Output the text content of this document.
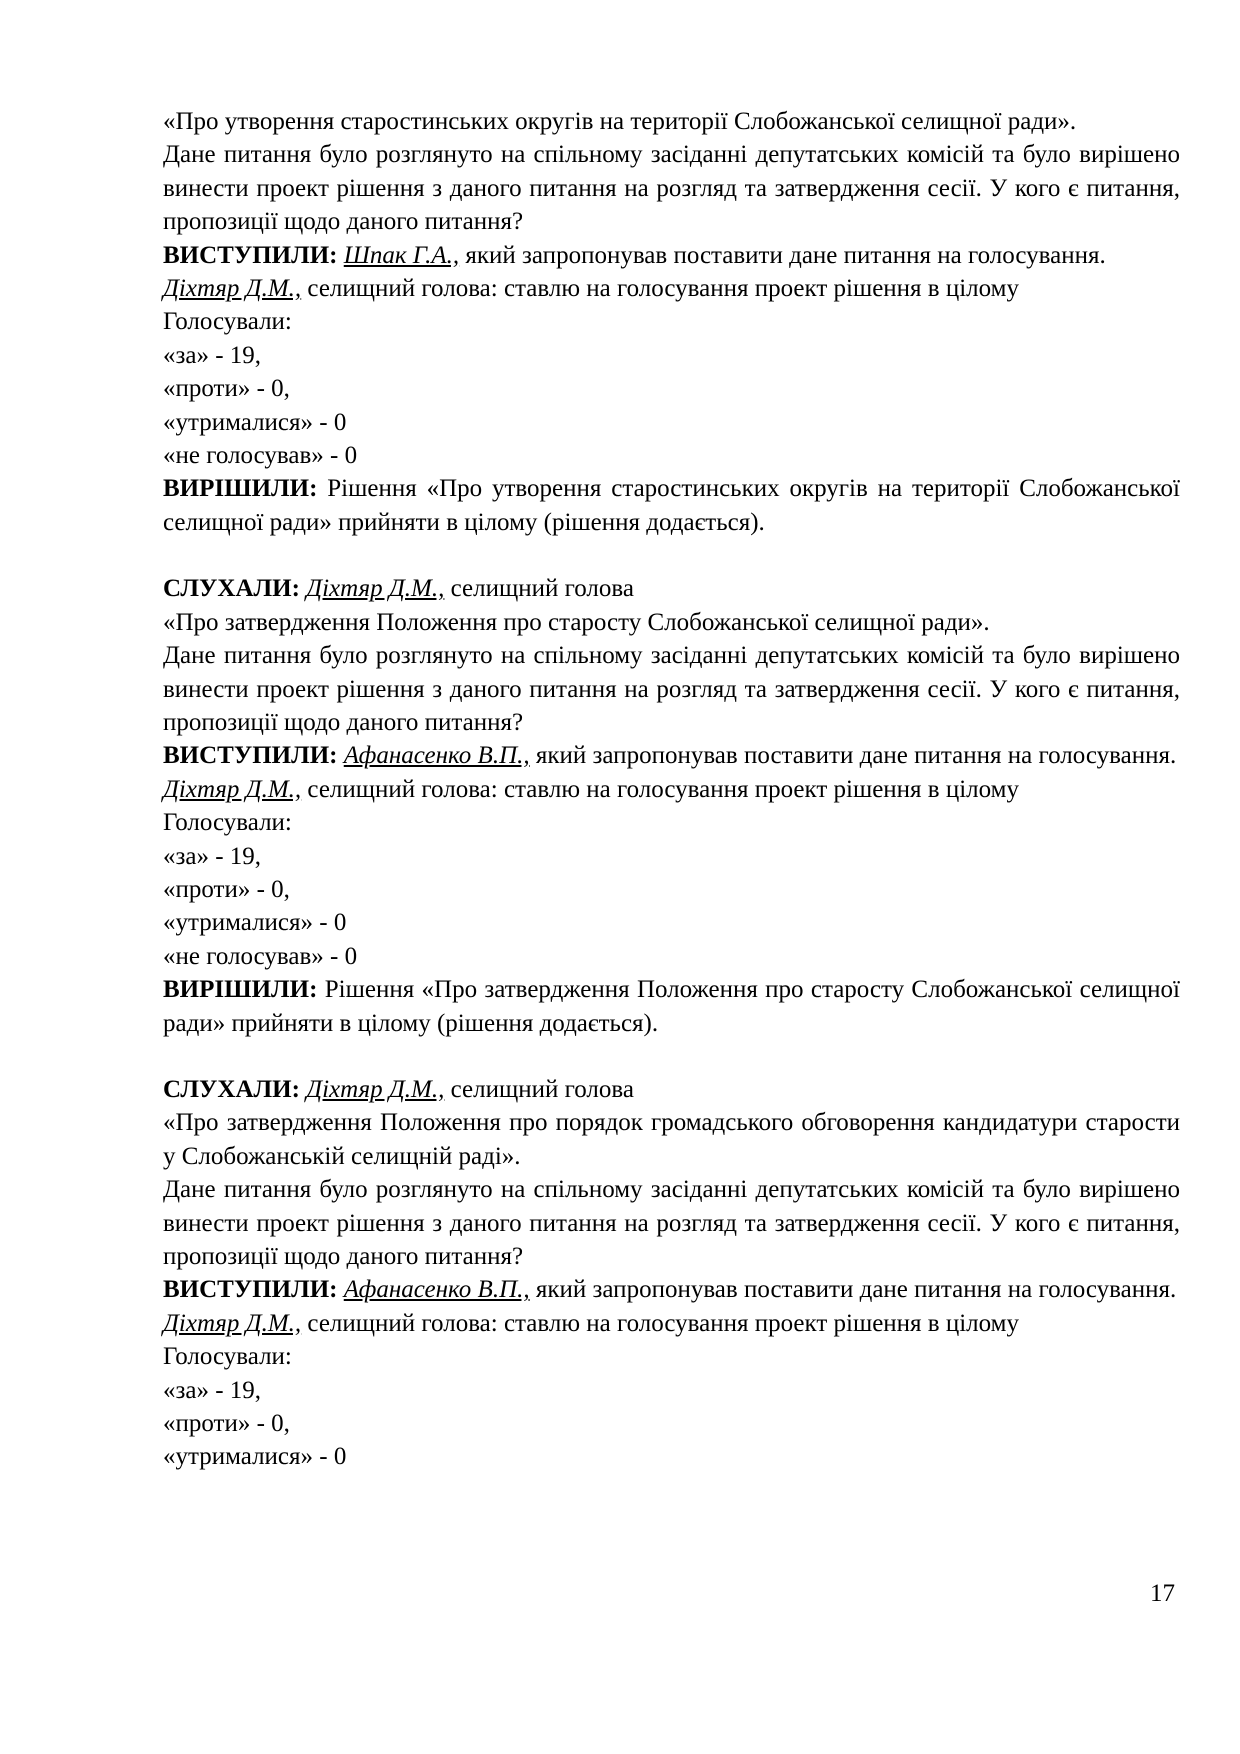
«Про утворення старостинських округів на території Слобожанської селищної ради».

Дане питання було розглянуто на спільному засіданні депутатських комісій та було вирішено винести проект рішення з даного питання на розгляд та затвердження сесії. У кого є питання, пропозиції щодо даного питання?

ВИСТУПИЛИ: Шпак Г.А., який запропонував поставити дане питання на голосування.

Діхтяр Д.М., селищний голова: ставлю на голосування проект рішення в цілому

Голосували:

«за» - 19,

«проти» - 0,

«утрималися» - 0

«не голосував» - 0

ВИРІШИЛИ: Рішення «Про утворення старостинських округів на території Слобожанської селищної ради» прийняти в цілому (рішення додається).

СЛУХАЛИ: Діхтяр Д.М., селищний голова

«Про затвердження Положення про старосту Слобожанської селищної ради».

Дане питання було розглянуто на спільному засіданні депутатських комісій та було вирішено винести проект рішення з даного питання на розгляд та затвердження сесії. У кого є питання, пропозиції щодо даного питання?

ВИСТУПИЛИ: Афанасенко В.П., який запропонував поставити дане питання на голосування.

Діхтяр Д.М., селищний голова: ставлю на голосування проект рішення в цілому

Голосували:

«за» - 19,

«проти» - 0,

«утрималися» - 0

«не голосував» - 0

ВИРІШИЛИ: Рішення «Про затвердження Положення про старосту Слобожанської селищної ради» прийняти в цілому (рішення додається).

СЛУХАЛИ: Діхтяр Д.М., селищний голова

«Про затвердження Положення про порядок громадського обговорення кандидатури старости у Слобожанській селищній раді».

Дане питання було розглянуто на спільному засіданні депутатських комісій та було вирішено винести проект рішення з даного питання на розгляд та затвердження сесії. У кого є питання, пропозиції щодо даного питання?

ВИСТУПИЛИ: Афанасенко В.П., який запропонував поставити дане питання на голосування.

Діхтяр Д.М., селищний голова: ставлю на голосування проект рішення в цілому

Голосували:

«за» - 19,

«проти» - 0,

«утрималися» - 0

17
